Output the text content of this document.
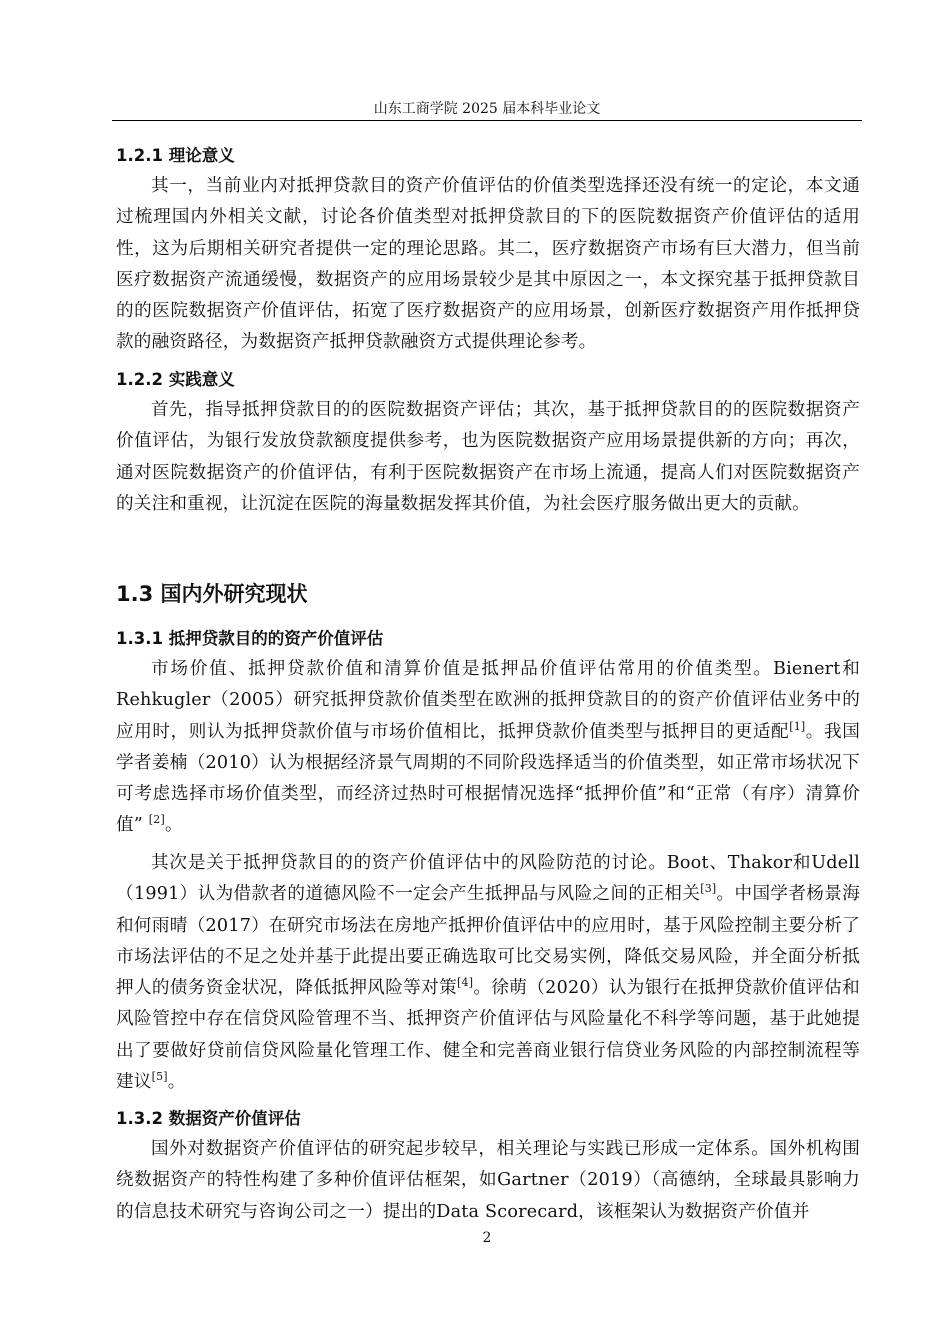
山东工商学院 2025 届本科毕业论文
1.2.1 理论意义

其一，当前业内对抵押贷款目的资产价值评估的价值类型选择还没有统一的定论，本文通过梳理国内外相关文献，讨论各价值类型对抵押贷款目的下的医院数据资产价值评估的适用性，这为后期相关研究者提供一定的理论思路。其二，医疗数据资产市场有巨大潜力，但当前医疗数据资产流通缓慢，数据资产的应用场景较少是其中原因之一，本文探究基于抵押贷款目的的医院数据资产价值评估，拓宽了医疗数据资产的应用场景，创新医疗数据资产用作抵押贷款的融资路径，为数据资产抵押贷款融资方式提供理论参考。

1.2.2 实践意义

首先，指导抵押贷款目的的医院数据资产评估；其次，基于抵押贷款目的的医院数据资产价值评估，为银行发放贷款额度提供参考，也为医院数据资产应用场景提供新的方向；再次，通对医院数据资产的价值评估，有利于医院数据资产在市场上流通，提高人们对医院数据资产的关注和重视，让沉淀在医院的海量数据发挥其价值，为社会医疗服务做出更大的贡献。

1.3 国内外研究现状
1.3.1 抵押贷款目的的资产价值评估

市场价值、抵押贷款价值和清算价值是抵押品价值评估常用的价值类型。Bienert和Rehkugler（2005）研究抵押贷款价值类型在欧洲的抵押贷款目的的资产价值评估业务中的应用时，则认为抵押贷款价值与市场价值相比，抵押贷款价值类型与抵押目的更适配[1]。我国学者姜楠（2010）认为根据经济景气周期的不同阶段选择适当的价值类型，如正常市场状况下可考虑选择市场价值类型，而经济过热时可根据情况选择“抵押价值”和“正常（有序）清算价值” [2]。

其次是关于抵押贷款目的的资产价值评估中的风险防范的讨论。Boot、Thakor和Udell（1991）认为借款者的道德风险不一定会产生抵押品与风险之间的正相关[3]。中国学者杨景海和何雨晴（2017）在研究市场法在房地产抵押价值评估中的应用时，基于风险控制主要分析了市场法评估的不足之处并基于此提出要正确选取可比交易实例，降低交易风险，并全面分析抵押人的债务资金状况，降低抵押风险等对策[4]。徐萌（2020）认为银行在抵押贷款价值评估和风险管控中存在信贷风险管理不当、抵押资产价值评估与风险量化不科学等问题，基于此她提出了要做好贷前信贷风险量化管理工作、健全和完善商业银行信贷业务风险的内部控制流程等建议[5]。

1.3.2 数据资产价值评估

国外对数据资产价值评估的研究起步较早，相关理论与实践已形成一定体系。国外机构围绕数据资产的特性构建了多种价值评估框架，如Gartner（2019）（高德纳，全球最具影响力的信息技术研究与咨询公司之一）提出的Data Scorecard，该框架认为数据资产价值并

2
